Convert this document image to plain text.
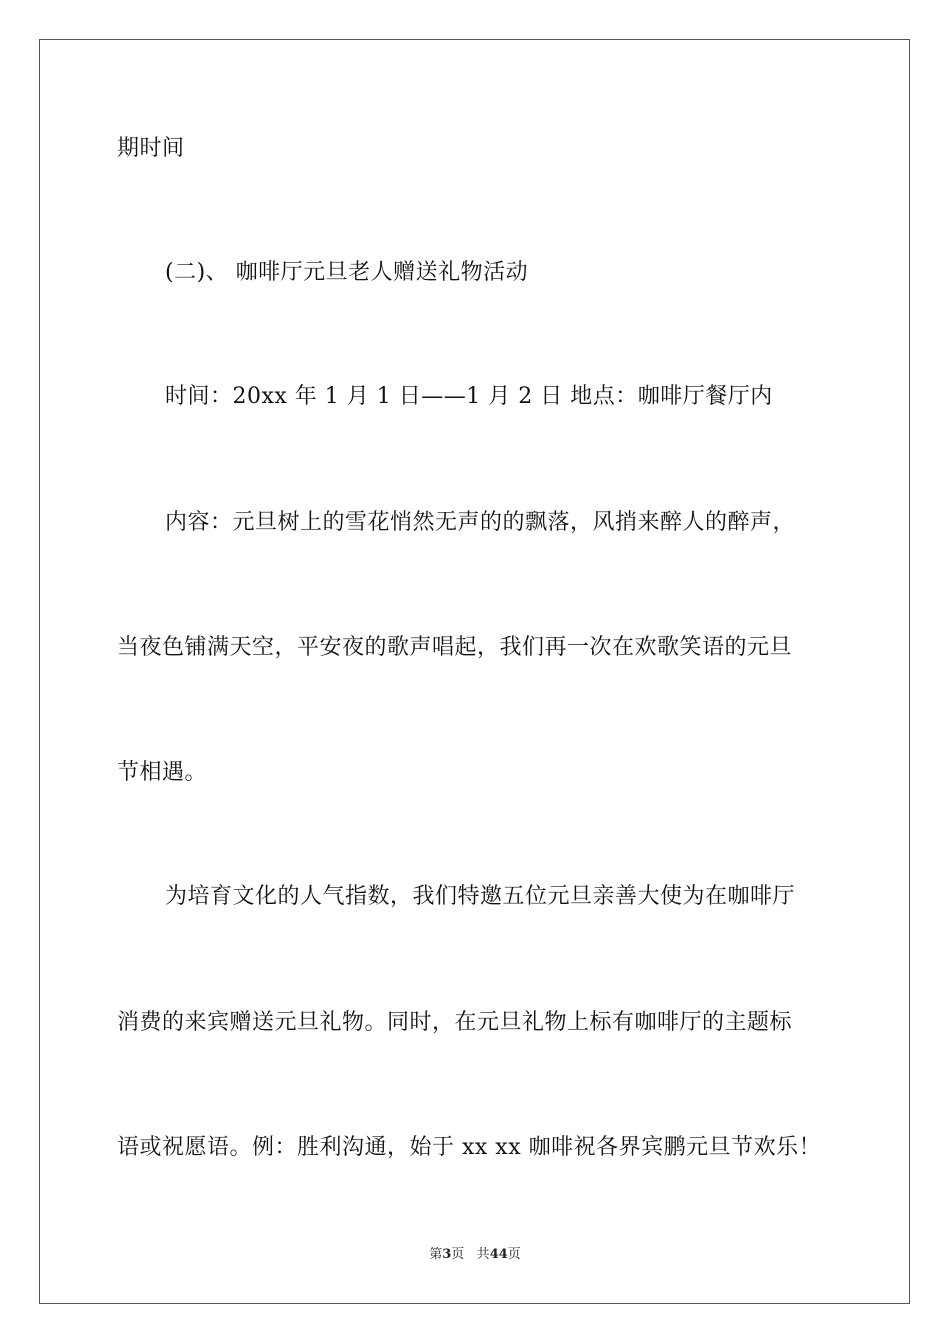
期时间
(二)、 咖啡厅元旦老人赠送礼物活动
时间：20xx 年 1 月 1 日——1 月 2 日 地点：咖啡厅餐厅内
内容：元旦树上的雪花悄然无声的的飘落，风捎来醉人的醉声，
当夜色铺满天空，平安夜的歌声唱起，我们再一次在欢歌笑语的元旦
节相遇。
为培育文化的人气指数，我们特邀五位元旦亲善大使为在咖啡厅
消费的来宾赠送元旦礼物。同时，在元旦礼物上标有咖啡厅的主题标
语或祝愿语。例：胜利沟通，始于 xx xx 咖啡祝各界宾鹏元旦节欢乐！
第3页 共44页
